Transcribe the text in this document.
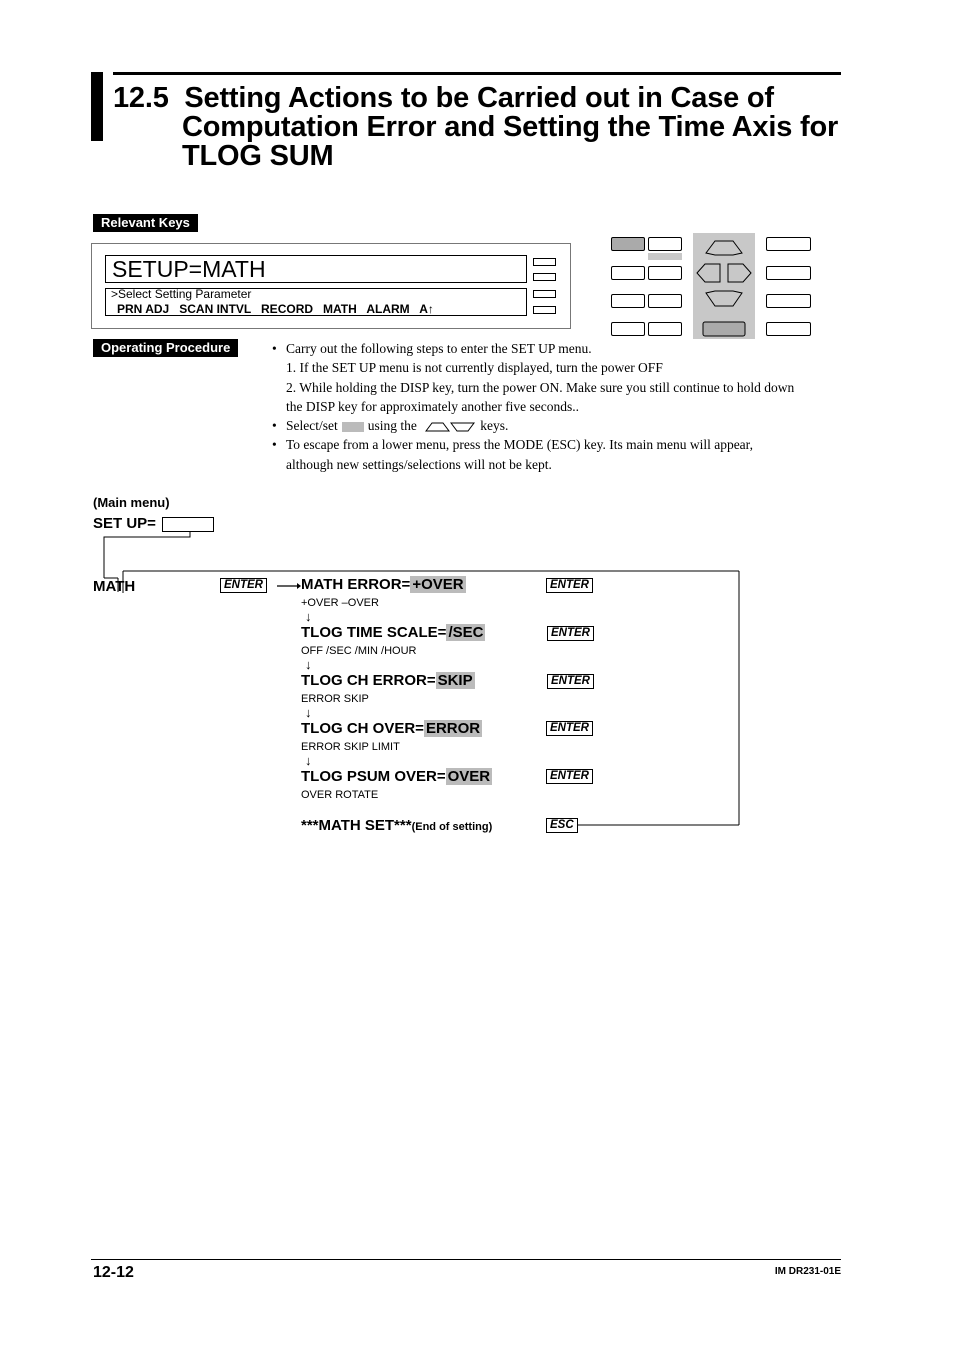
12.5 Setting Actions to be Carried out in Case of
Computation Error and Setting the Time Axis for
TLOG SUM
Relevant Keys
SETUP=MATH
>Select Setting Parameter
PRN ADJ   SCAN INTVL   RECORD   MATH   ALARM   A↑
Operating Procedure	• Carry out the following steps to enter the SET UP menu.
1. If the SET UP menu is not currently displayed, turn the power OFF
2. While holding the DISP key, turn the power ON. Make sure you still continue to hold down
the DISP key for approximately another five seconds..
• Select/set using the	keys.
• To escape from a lower menu, press the MODE (ESC) key. Its main menu will appear,
although new settings/selections will not be kept.
(Main menu)
SET UP=
MATH	ENTER	MATH ERROR= +OVER
+OVER –OVER
ENTER
↓
TLOG TIME SCALE= /SEC
OFF /SEC /MIN /HOUR
ENTER
↓
TLOG CH ERROR= SKIP
ERROR SKIP
ENTER
↓
TLOG CH OVER= ERROR
ERROR SKIP LIMIT
ENTER
↓
TLOG PSUM OVER= OVER
OVER ROTATE
ENTER
***MATH SET***(End of setting)	ESC
12-12	IM DR231-01E
